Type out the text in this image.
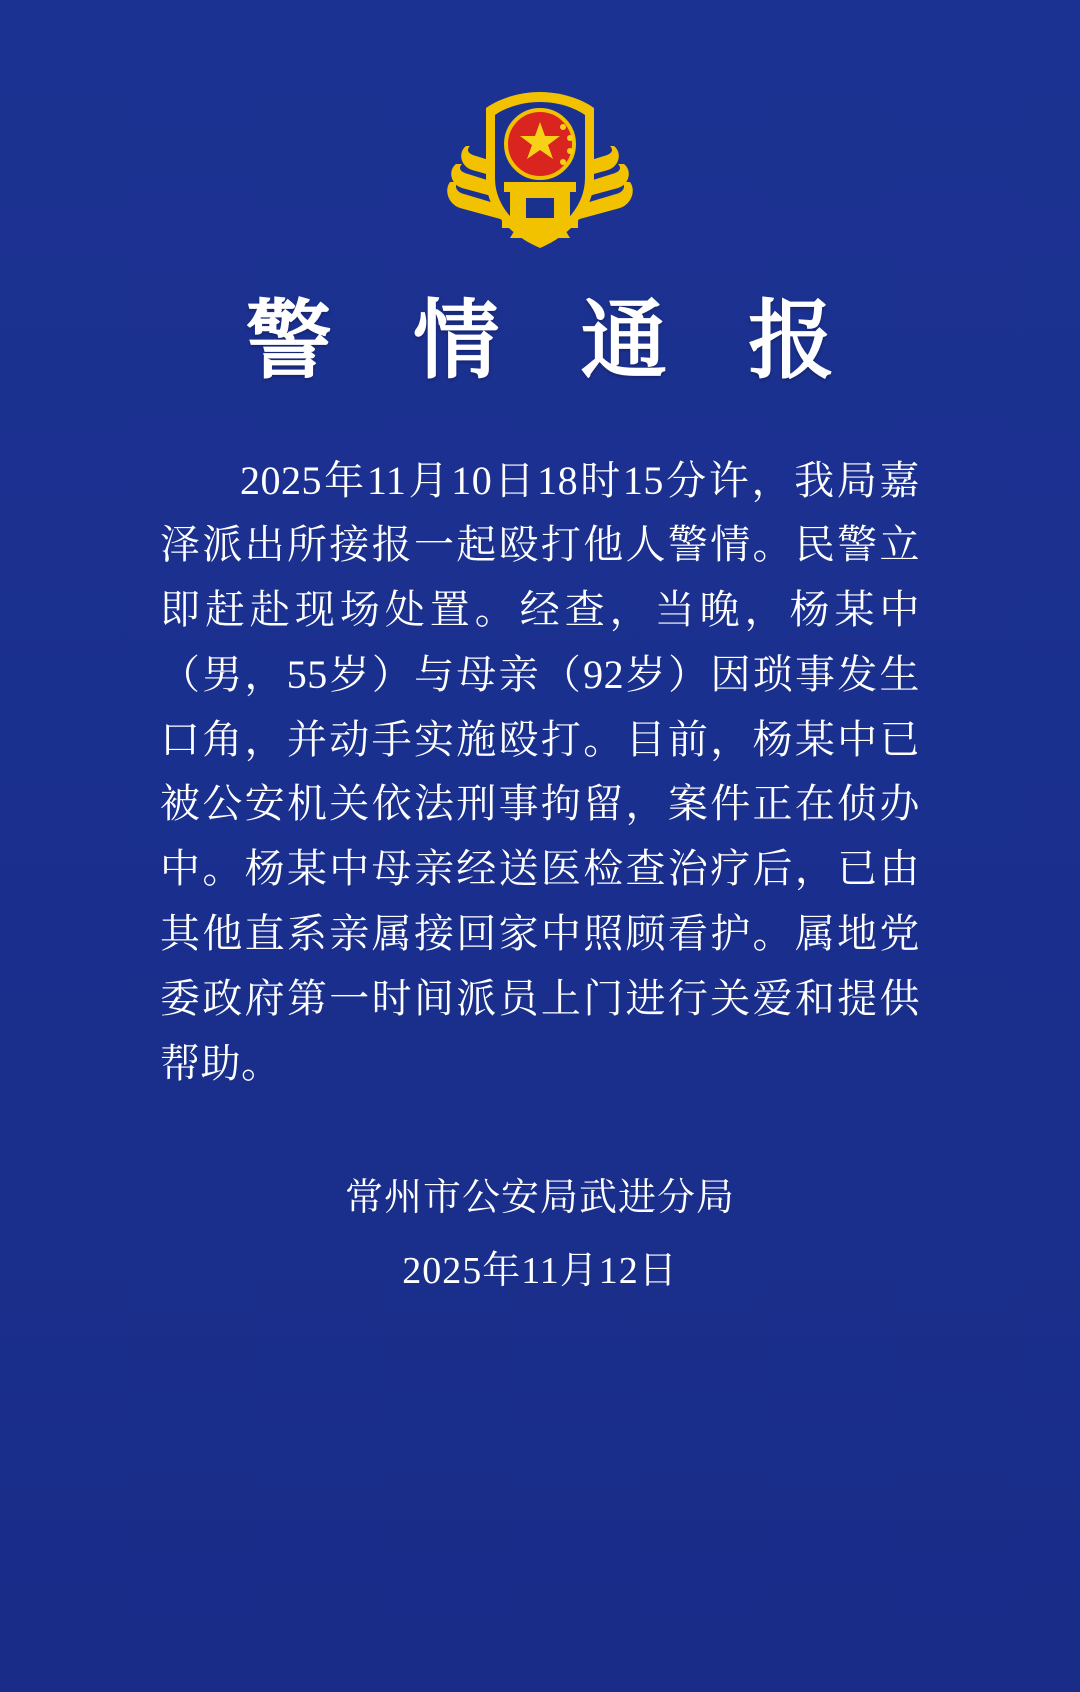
警 情 通 报

2025年11月10日18时15分许，我局嘉泽派出所接报一起殴打他人警情。民警立即赶赴现场处置。经查，当晚，杨某中（男，55岁）与母亲（92岁）因琐事发生口角，并动手实施殴打。目前，杨某中已被公安机关依法刑事拘留，案件正在侦办中。杨某中母亲经送医检查治疗后，已由其他直系亲属接回家中照顾看护。属地党委政府第一时间派员上门进行关爱和提供帮助。

常州市公安局武进分局
2025年11月12日
